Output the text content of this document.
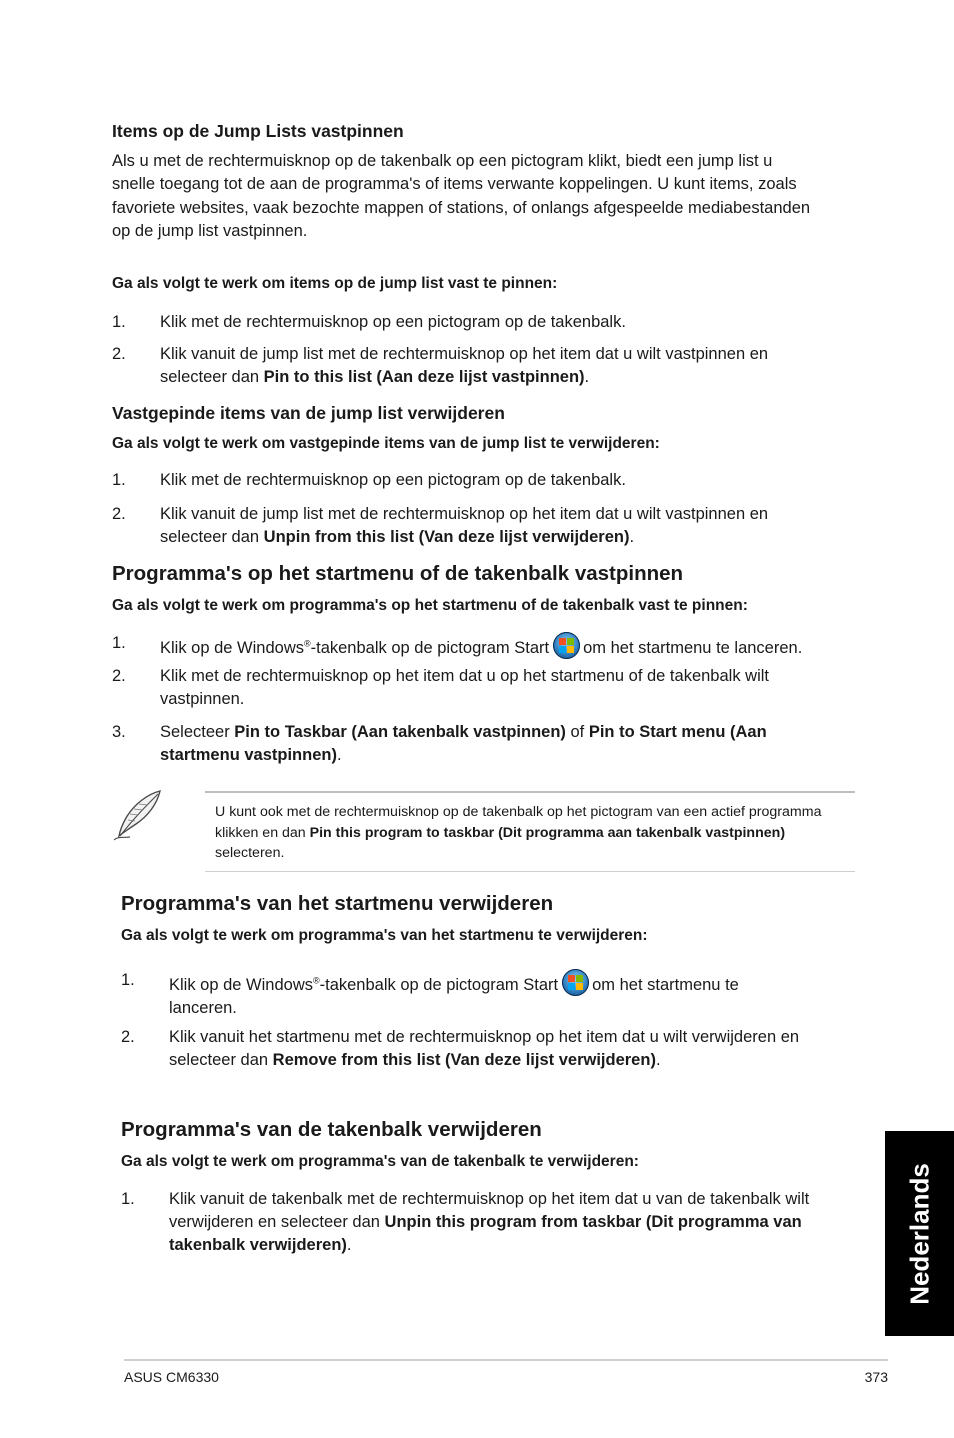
Items op de Jump Lists vastpinnen
Als u met de rechtermuisknop op de takenbalk op een pictogram klikt, biedt een jump list u snelle toegang tot de aan de programma's of items verwante koppelingen. U kunt items, zoals favoriete websites, vaak bezochte mappen of stations, of onlangs afgespeelde mediabestanden op de jump list vastpinnen.
Ga als volgt te werk om items op de jump list vast te pinnen:
1. Klik met de rechtermuisknop op een pictogram op de takenbalk.
2. Klik vanuit de jump list met de rechtermuisknop op het item dat u wilt vastpinnen en selecteer dan Pin to this list (Aan deze lijst vastpinnen).
Vastgepinde items van de jump list verwijderen
Ga als volgt te werk om vastgepinde items van de jump list te verwijderen:
1. Klik met de rechtermuisknop op een pictogram op de takenbalk.
2. Klik vanuit de jump list met de rechtermuisknop op het item dat u wilt vastpinnen en selecteer dan Unpin from this list (Van deze lijst verwijderen).
Programma's op het startmenu of de takenbalk vastpinnen
Ga als volgt te werk om programma's op het startmenu of de takenbalk vast te pinnen:
1. Klik op de Windows®-takenbalk op de pictogram Start om het startmenu te lanceren.
2. Klik met de rechtermuisknop op het item dat u op het startmenu of de takenbalk wilt vastpinnen.
3. Selecteer Pin to Taskbar (Aan takenbalk vastpinnen) of Pin to Start menu (Aan startmenu vastpinnen).
U kunt ook met de rechtermuisknop op de takenbalk op het pictogram van een actief programma klikken en dan Pin this program to taskbar (Dit programma aan takenbalk vastpinnen) selecteren.
Programma's van het startmenu verwijderen
Ga als volgt te werk om programma's van het startmenu te verwijderen:
1. Klik op de Windows®-takenbalk op de pictogram Start om het startmenu te lanceren.
2. Klik vanuit het startmenu met de rechtermuisknop op het item dat u wilt verwijderen en selecteer dan Remove from this list (Van deze lijst verwijderen).
Programma's van de takenbalk verwijderen
Ga als volgt te werk om programma's van de takenbalk te verwijderen:
1. Klik vanuit de takenbalk met de rechtermuisknop op het item dat u van de takenbalk wilt verwijderen en selecteer dan Unpin this program from taskbar (Dit programma van takenbalk verwijderen).	Nederlands
ASUS CM6330	373
